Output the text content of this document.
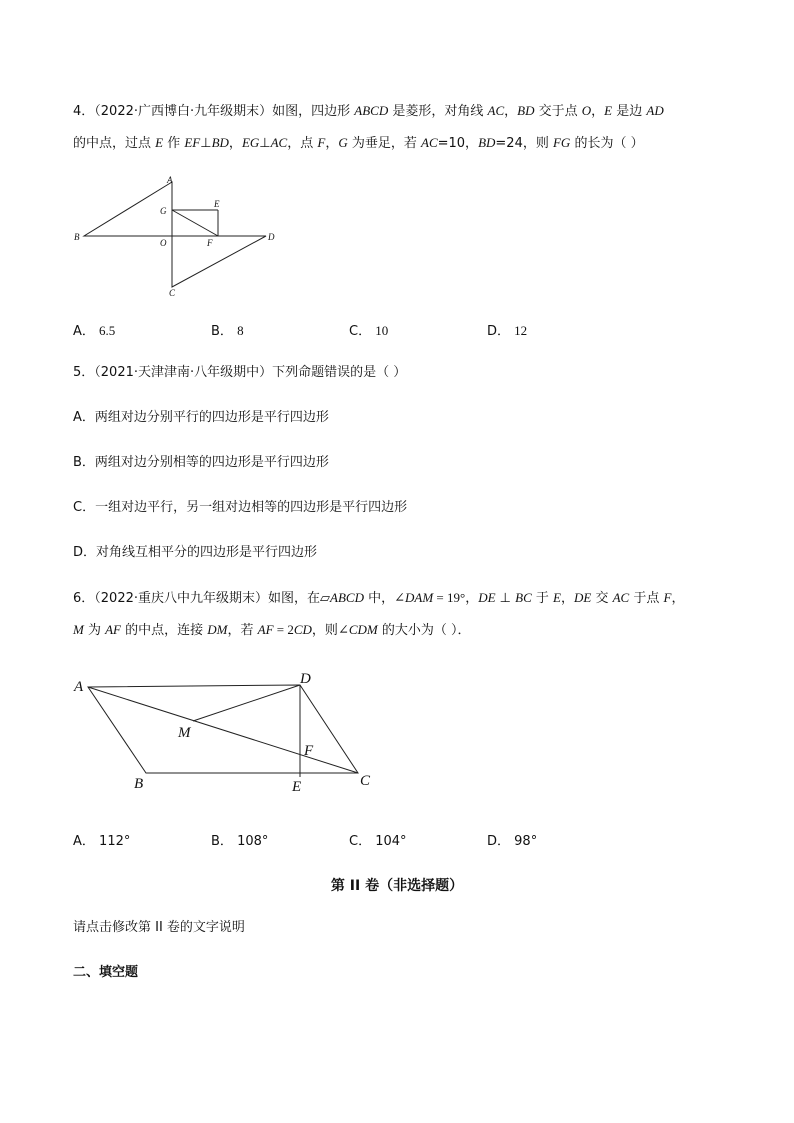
4．（2022·广西博白·九年级期末）如图，四边形 ABCD 是菱形，对角线 AC，BD 交于点 O，E 是边 AD
的中点，过点 E 作 EF⊥BD，EG⊥AC，点 F，G 为垂足，若 AC=10，BD=24，则 FG 的长为（ ）
A
B	D
C
G
E
O	F
A． 6.5	B． 8	C． 10	D． 12
5．（2021·天津津南·八年级期中）下列命题错误的是（ ）
A．两组对边分别平行的四边形是平行四边形
B．两组对边分别相等的四边形是平行四边形
C．一组对边平行，另一组对边相等的四边形是平行四边形
D．对角线互相平分的四边形是平行四边形
6．（2022·重庆八中九年级期末）如图，在▱ABCD 中，∠DAM = 19°，DE ⊥ BC 于 E，DE 交 AC 于点 F，
M 为 AF 的中点，连接 DM，若 AF = 2CD，则∠CDM 的大小为（ ）．
A	D
M
F
B	E	C
A． 112°	B． 108°	C． 104°	D． 98°
第 II 卷（非选择题）
请点击修改第 II 卷的文字说明
二、填空题
